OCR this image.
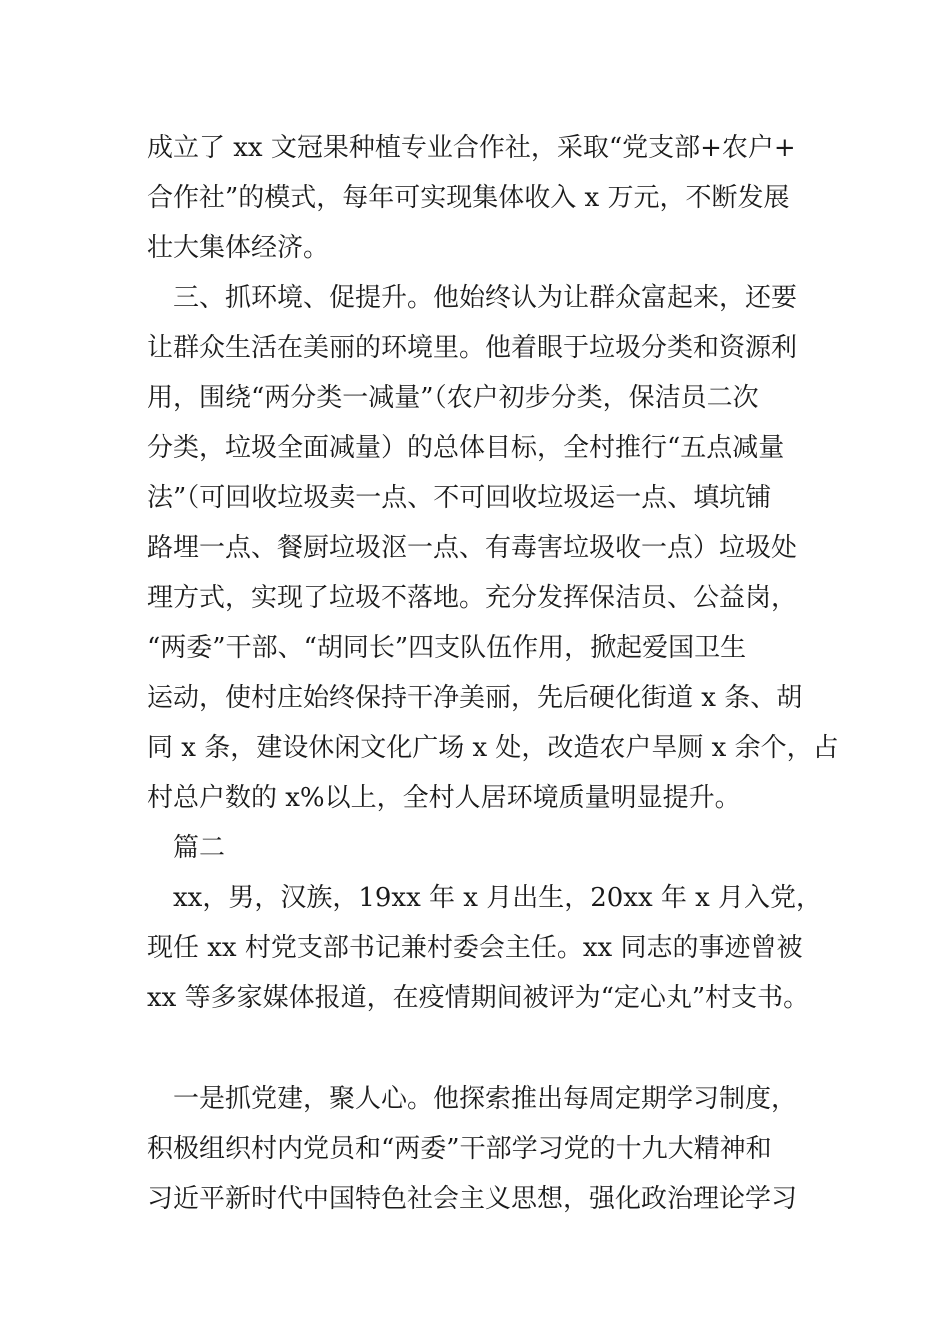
成立了 xx 文冠果种植专业合作社，采取“党支部+农户+
合作社”的模式，每年可实现集体收入 x 万元，不断发展
壮大集体经济。
　三、抓环境、促提升。他始终认为让群众富起来，还要
让群众生活在美丽的环境里。他着眼于垃圾分类和资源利
用，围绕“两分类一减量”（农户初步分类，保洁员二次
分类，垃圾全面减量）的总体目标，全村推行“五点减量
法”（可回收垃圾卖一点、不可回收垃圾运一点、填坑铺
路埋一点、餐厨垃圾沤一点、有毒害垃圾收一点）垃圾处
理方式，实现了垃圾不落地。充分发挥保洁员、公益岗，
“两委”干部、“胡同长”四支队伍作用，掀起爱国卫生
运动，使村庄始终保持干净美丽，先后硬化街道 x 条、胡
同 x 条，建设休闲文化广场 x 处，改造农户旱厕 x 余个，占
村总户数的 x%以上，全村人居环境质量明显提升。
　篇二
　xx，男，汉族，19xx 年 x 月出生，20xx 年 x 月入党，
现任 xx 村党支部书记兼村委会主任。xx 同志的事迹曾被
xx 等多家媒体报道，在疫情期间被评为“定心丸”村支书。
　一是抓党建，聚人心。他探索推出每周定期学习制度，
积极组织村内党员和“两委”干部学习党的十九大精神和
习近平新时代中国特色社会主义思想，强化政治理论学习
